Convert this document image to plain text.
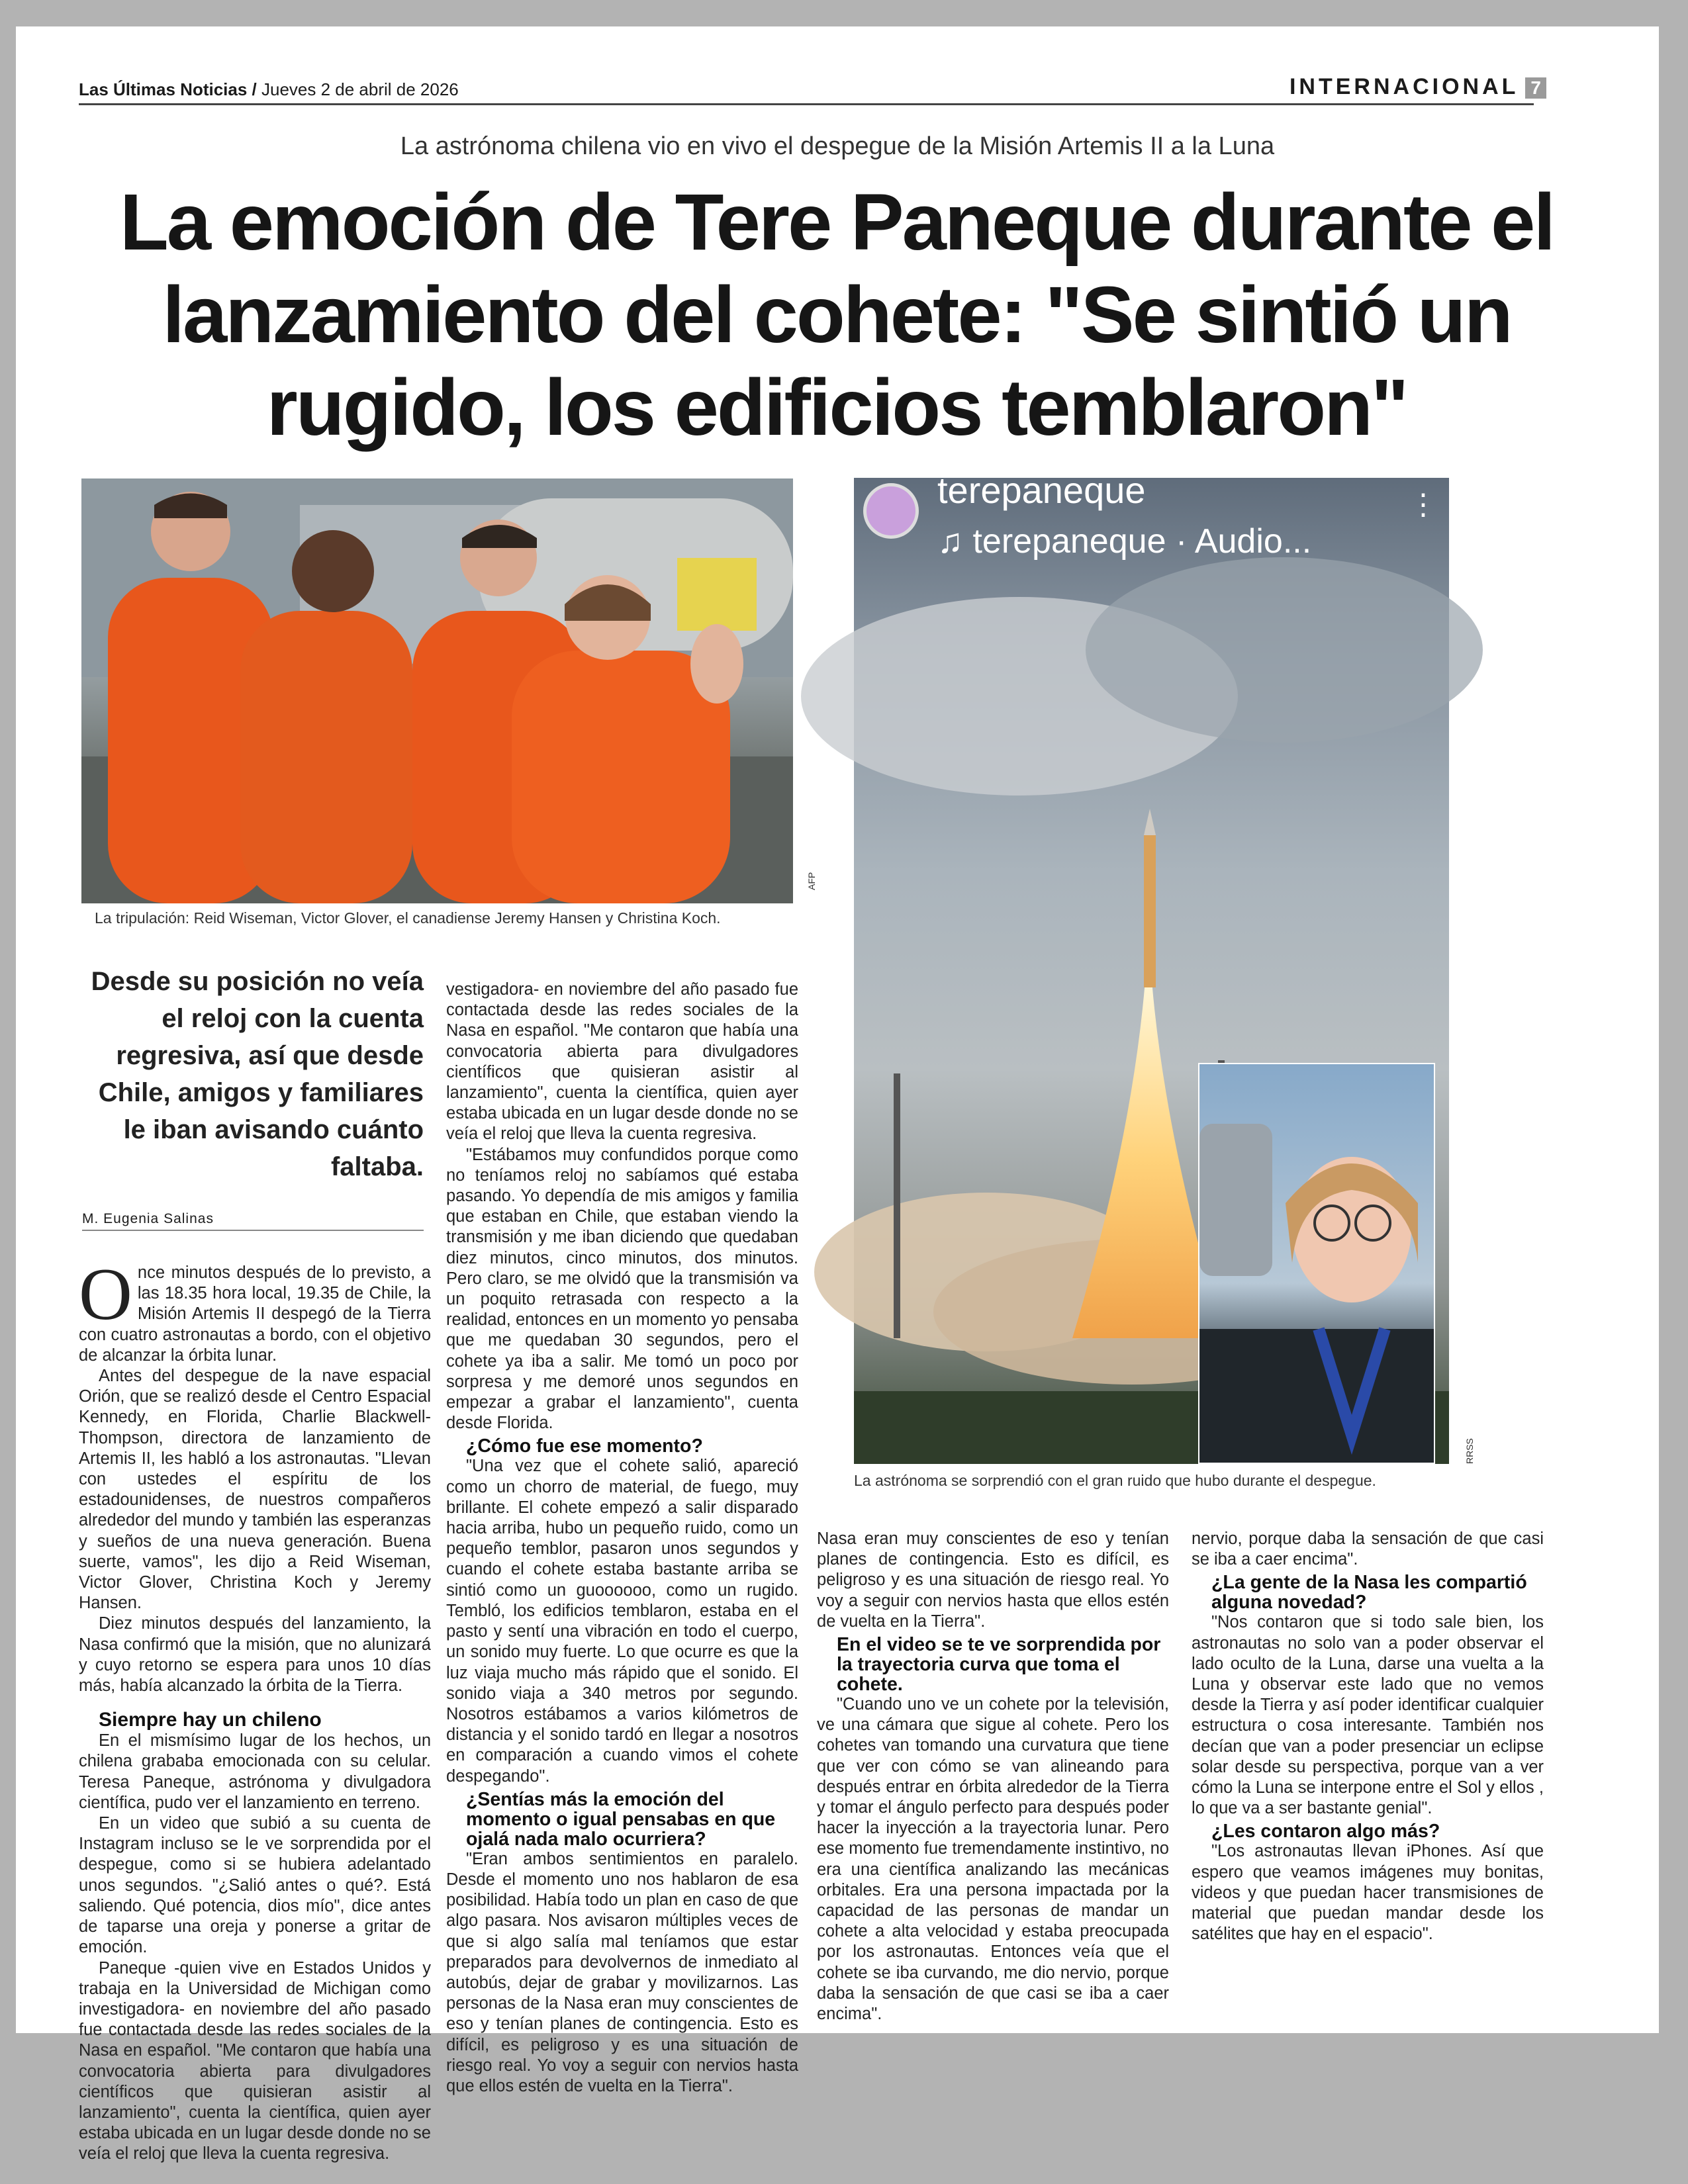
Las Últimas Noticias / Jueves 2 de abril de 2026	INTERNACIONAL 7
La astrónoma chilena vio en vivo el despegue de la Misión Artemis II a la Luna
La emoción de Tere Paneque durante el lanzamiento del cohete: "Se sintió un rugido, los edificios temblaron"
AFP
La tripulación: Reid Wiseman, Victor Glover, el canadiense Jeremy Hansen y Christina Koch.
terepaneque
♫ terepaneque · Audio...
⋮
RRSS
La astrónoma se sorprendió con el gran ruido que hubo durante el despegue.
Desde su posición no veía el reloj con la cuenta regresiva, así que desde Chile, amigos y familiares le iban avisando cuánto faltaba.
M. Eugenia Salinas

Once minutos después de lo previsto, a las 18.35 hora local, 19.35 de Chile, la Misión Artemis II despegó de la Tierra con cuatro astronautas a bordo, con el objetivo de alcanzar la órbita lunar.

Antes del despegue de la nave espacial Orión, que se realizó desde el Centro Espacial Kennedy, en Florida, Charlie Blackwell-Thompson, directora de lanzamiento de Artemis II, les habló a los astronautas. "Llevan con ustedes el espíritu de los estadounidenses, de nuestros compañeros alrededor del mundo y también las esperanzas y sueños de una nueva generación. Buena suerte, vamos", les dijo a Reid Wiseman, Victor Glover, Christina Koch y Jeremy Hansen.

Diez minutos después del lanzamiento, la Nasa confirmó que la misión, que no alunizará y cuyo retorno se espera para unos 10 días más, había alcanzado la órbita de la Tierra.

Siempre hay un chileno

En el mismísimo lugar de los hechos, un chilena grababa emocionada con su celular. Teresa Paneque, astrónoma y divulgadora científica, pudo ver el lanzamiento en terreno.

En un video que subió a su cuenta de Instagram incluso se le ve sorprendida por el despegue, como si se hubiera adelantado unos segundos. "¿Salió antes o qué?. Está saliendo. Qué potencia, dios mío", dice antes de taparse una oreja y ponerse a gritar de emoción.

Paneque -quien vive en Estados Unidos y trabaja en la Universidad de Michigan como investigadora- en noviembre del año pasado fue contactada desde las redes sociales de la Nasa en español. "Me contaron que había una convocatoria abierta para divulgadores científicos que quisieran asistir al lanzamiento", cuenta la científica, quien ayer estaba ubicada en un lugar desde donde no se veía el reloj que lleva la cuenta regresiva.

vestigadora- en noviembre del año pasado fue contactada desde las redes sociales de la Nasa en español. "Me contaron que había una convocatoria abierta para divulgadores científicos que quisieran asistir al lanzamiento", cuenta la científica, quien ayer estaba ubicada en un lugar desde donde no se veía el reloj que lleva la cuenta regresiva.

"Estábamos muy confundidos porque como no teníamos reloj no sabíamos qué estaba pasando. Yo dependía de mis amigos y familia que estaban en Chile, que estaban viendo la transmisión y me iban diciendo que quedaban diez minutos, cinco minutos, dos minutos. Pero claro, se me olvidó que la transmisión va un poquito retrasada con respecto a la realidad, entonces en un momento yo pensaba que me quedaban 30 segundos, pero el cohete ya iba a salir. Me tomó un poco por sorpresa y me demoré unos segundos en empezar a grabar el lanzamiento", cuenta desde Florida.

¿Cómo fue ese momento?

"Una vez que el cohete salió, apareció como un chorro de material, de fuego, muy brillante. El cohete empezó a salir disparado hacia arriba, hubo un pequeño ruido, como un pequeño temblor, pasaron unos segundos y cuando el cohete estaba bastante arriba se sintió como un guoooooo, como un rugido. Tembló, los edificios temblaron, estaba en el pasto y sentí una vibración en todo el cuerpo, un sonido muy fuerte. Lo que ocurre es que la luz viaja mucho más rápido que el sonido. El sonido viaja a 340 metros por segundo. Nosotros estábamos a varios kilómetros de distancia y el sonido tardó en llegar a nosotros en comparación a cuando vimos el cohete despegando".

¿Sentías más la emoción del momento o igual pensabas en que ojalá nada malo ocurriera?

"Eran ambos sentimientos en paralelo. Desde el momento uno nos hablaron de esa posibilidad. Había todo un plan en caso de que algo pasara. Nos avisaron múltiples veces de que si algo salía mal teníamos que estar preparados para devolvernos de inmediato al autobús, dejar de grabar y movilizarnos. Las personas de la Nasa eran muy conscientes de eso y tenían planes de contingencia. Esto es difícil, es peligroso y es una situación de riesgo real. Yo voy a seguir con nervios hasta que ellos estén de vuelta en la Tierra".

Nasa eran muy conscientes de eso y tenían planes de contingencia. Esto es difícil, es peligroso y es una situación de riesgo real. Yo voy a seguir con nervios hasta que ellos estén de vuelta en la Tierra".

En el video se te ve sorprendida por la trayectoria curva que toma el cohete.

"Cuando uno ve un cohete por la televisión, ve una cámara que sigue al cohete. Pero los cohetes van tomando una curvatura que tiene que ver con cómo se van alineando para después entrar en órbita alrededor de la Tierra y tomar el ángulo perfecto para después poder hacer la inyección a la trayectoria lunar. Pero ese momento fue tremendamente instintivo, no era una científica analizando las mecánicas orbitales. Era una persona impactada por la capacidad de las personas de mandar un cohete a alta velocidad y estaba preocupada por los astronautas. Entonces veía que el cohete se iba curvando, me dio nervio, porque daba la sensación de que casi se iba a caer encima".

nervio, porque daba la sensación de que casi se iba a caer encima".

¿La gente de la Nasa les compartió alguna novedad?

"Nos contaron que si todo sale bien, los astronautas no solo van a poder observar el lado oculto de la Luna, darse una vuelta a la Luna y observar este lado que no vemos desde la Tierra y así poder identificar cualquier estructura o cosa interesante. También nos decían que van a poder presenciar un eclipse solar desde su perspectiva, porque van a ver cómo la Luna se interpone entre el Sol y ellos , lo que va a ser bastante genial".

¿Les contaron algo más?

"Los astronautas llevan iPhones. Así que espero que veamos imágenes muy bonitas, videos y que puedan hacer transmisiones de material que puedan mandar desde los satélites que hay en el espacio".
